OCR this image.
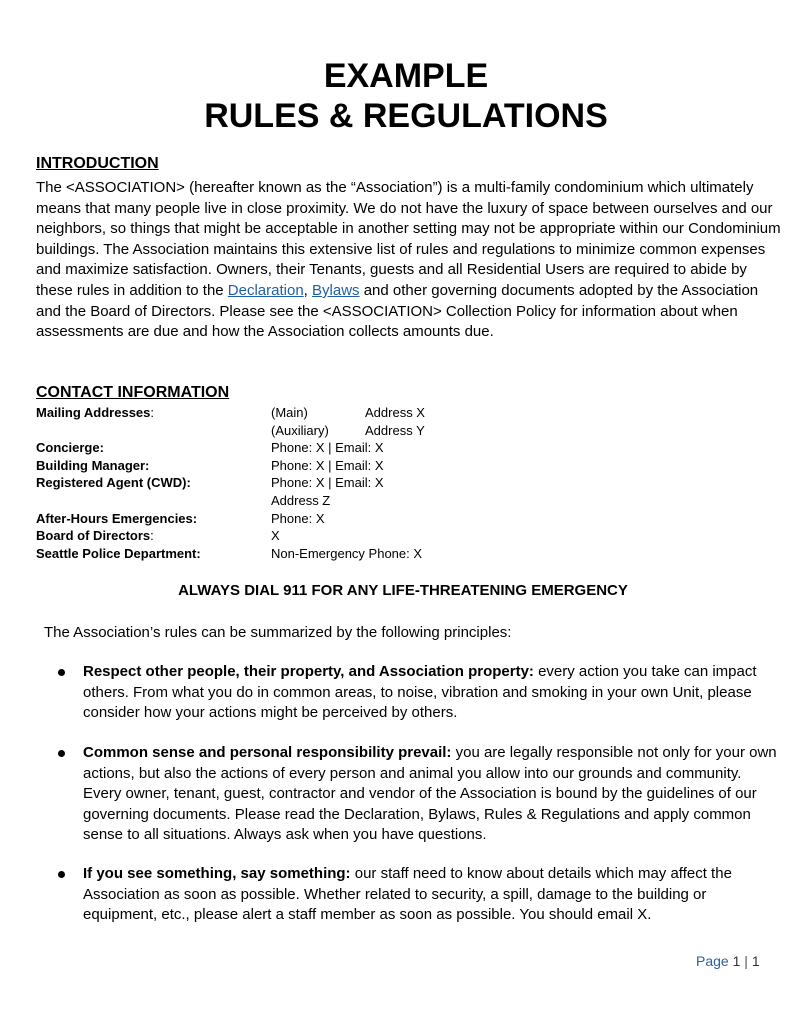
EXAMPLE
RULES & REGULATIONS
INTRODUCTION

The <ASSOCIATION> (hereafter known as the “Association”) is a multi-family condominium which ultimately means that many people live in close proximity. We do not have the luxury of space between ourselves and our neighbors, so things that might be acceptable in another setting may not be appropriate within our Condominium buildings. The Association maintains this extensive list of rules and regulations to minimize common expenses and maximize satisfaction. Owners, their Tenants, guests and all Residential Users are required to abide by these rules in addition to the Declaration, Bylaws and other governing documents adopted by the Association and the Board of Directors. Please see the <ASSOCIATION> Collection Policy for information about when assessments are due and how the Association collects amounts due.

CONTACT INFORMATION
Mailing Addresses:	(Main) Address X
	(Auxiliary) Address Y
Concierge:	Phone: X | Email: X
Building Manager:	Phone: X | Email: X
Registered Agent (CWD):	Phone: X | Email: X
	Address Z
After-Hours Emergencies:	Phone: X
Board of Directors:	X
Seattle Police Department:	Non-Emergency Phone: X
ALWAYS DIAL 911 FOR ANY LIFE-THREATENING EMERGENCY
The Association’s rules can be summarized by the following principles:
Respect other people, their property, and Association property: every action you take can impact others. From what you do in common areas, to noise, vibration and smoking in your own Unit, please consider how your actions might be perceived by others.
Common sense and personal responsibility prevail: you are legally responsible not only for your own actions, but also the actions of every person and animal you allow into our grounds and community. Every owner, tenant, guest, contractor and vendor of the Association is bound by the guidelines of our governing documents. Please read the Declaration, Bylaws, Rules & Regulations and apply common sense to all situations. Always ask when you have questions.
If you see something, say something: our staff need to know about details which may affect the Association as soon as possible. Whether related to security, a spill, damage to the building or equipment, etc., please alert a staff member as soon as possible. You should email X.
Page 1 | 1
